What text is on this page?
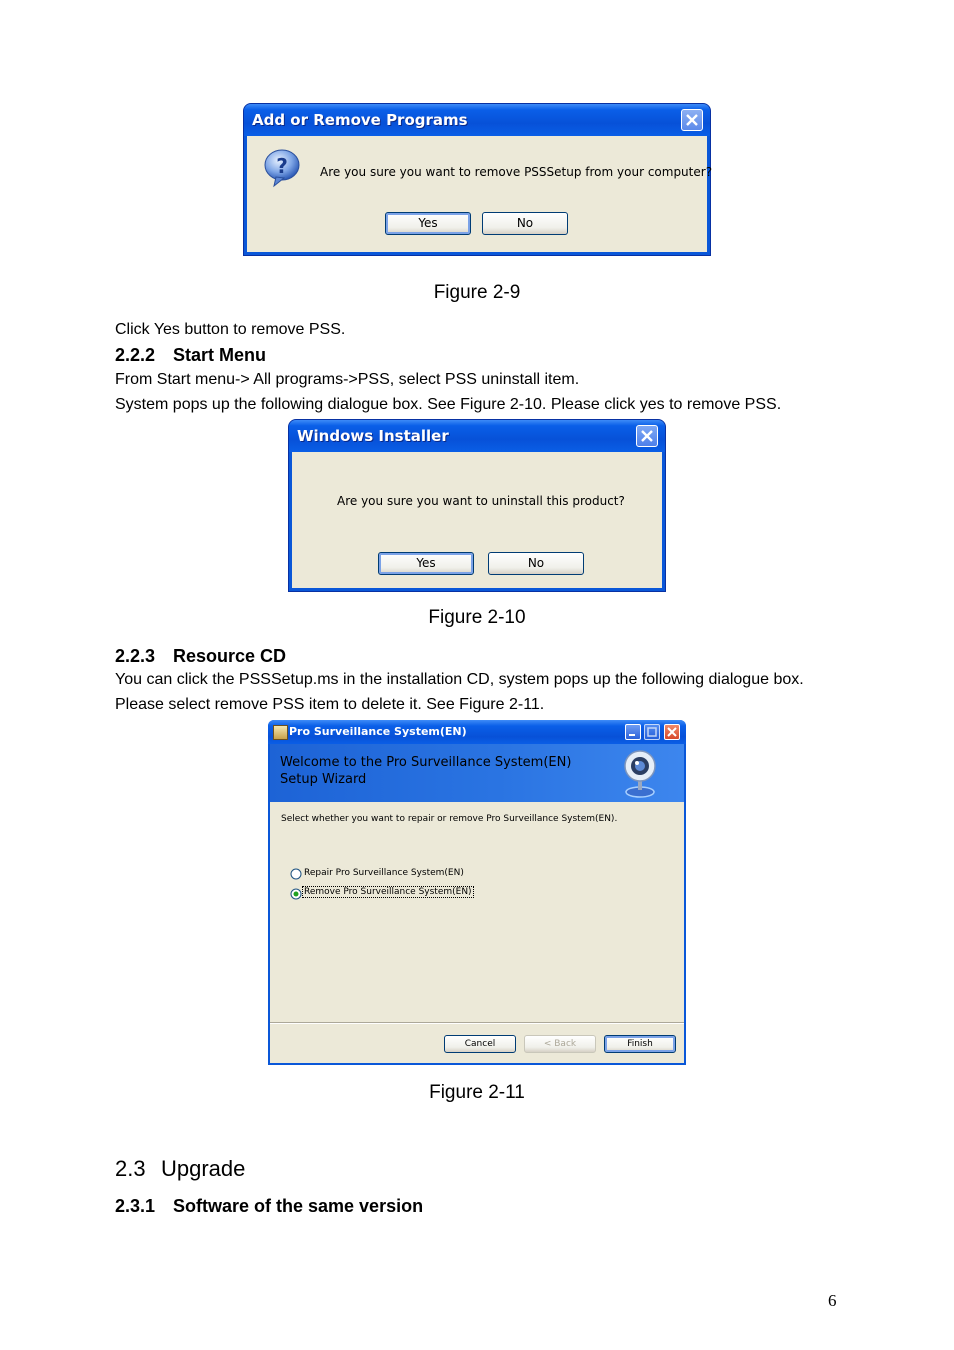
Add or Remove Programs
?	Are you sure you want to remove PSSSetup from your computer?
Yes	No
Figure 2-9
Click Yes button to remove PSS.
2.2.2 Start Menu
From Start menu-> All programs->PSS, select PSS uninstall item.
System pops up the following dialogue box. See Figure 2-10. Please click yes to remove PSS.
Windows Installer
Are you sure you want to uninstall this product?
Yes	No
Figure 2-10
2.2.3 Resource CD
You can click the PSSSetup.ms in the installation CD, system pops up the following dialogue box.
Please select remove PSS item to delete it. See Figure 2-11.
Pro Surveillance System(EN)
Welcome to the Pro Surveillance System(EN)
Setup Wizard
Select whether you want to repair or remove Pro Surveillance System(EN).
Repair Pro Surveillance System(EN)
Remove Pro Surveillance System(EN)
Cancel	< Back	Finish
Figure 2-11
2.3 Upgrade
2.3.1 Software of the same version
6
